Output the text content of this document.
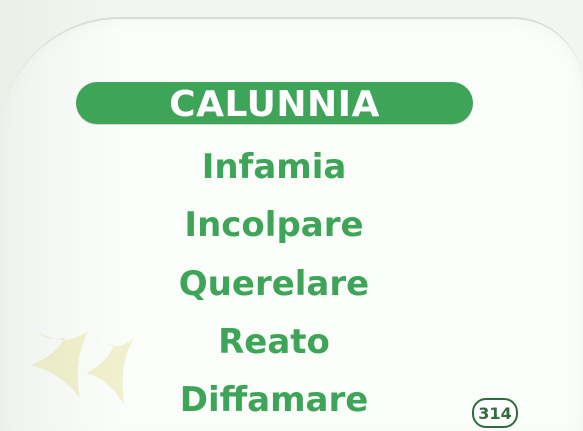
CALUNNIA
Infamia
Incolpare
Querelare
Reato
Diffamare	314
